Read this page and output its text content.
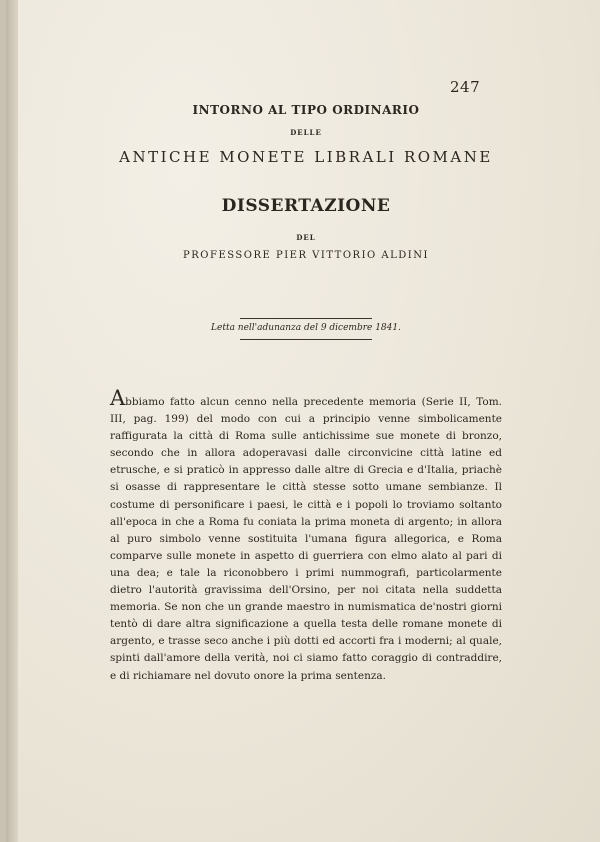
247
INTORNO AL TIPO ORDINARIO
DELLE
ANTICHE MONETE LIBRALI ROMANE
DISSERTAZIONE
DEL
PROFESSORE PIER VITTORIO ALDINI
Letta nell'adunanza del 9 dicembre 1841.

Abbiamo fatto alcun cenno nella precedente memoria (Serie II, Tom. III, pag. 199) del modo con cui a principio venne simbolicamente raffigurata la città di Roma sulle antichissime sue monete di bronzo, secondo che in allora adoperavasi dalle circonvicine città latine ed etrusche, e si praticò in appresso dalle altre di Grecia e d'Italia, priachè si osasse di rappresentare le città stesse sotto umane sembianze. Il costume di personificare i paesi, le città e i popoli lo troviamo soltanto all'epoca in che a Roma fu coniata la prima moneta di argento; in allora al puro simbolo venne sostituita l'umana figura allegorica, e Roma comparve sulle monete in aspetto di guerriera con elmo alato al pari di una dea; e tale la riconobbero i primi nummografi, particolarmente dietro l'autorità gravissima dell'Orsino, per noi citata nella suddetta memoria. Se non che un grande maestro in numismatica de'nostri giorni tentò di dare altra significazione a quella testa delle romane monete di argento, e trasse seco anche i più dotti ed accorti fra i moderni; al quale, spinti dall'amore della verità, noi ci siamo fatto coraggio di contraddire, e di richiamare nel dovuto onore la prima sentenza.
